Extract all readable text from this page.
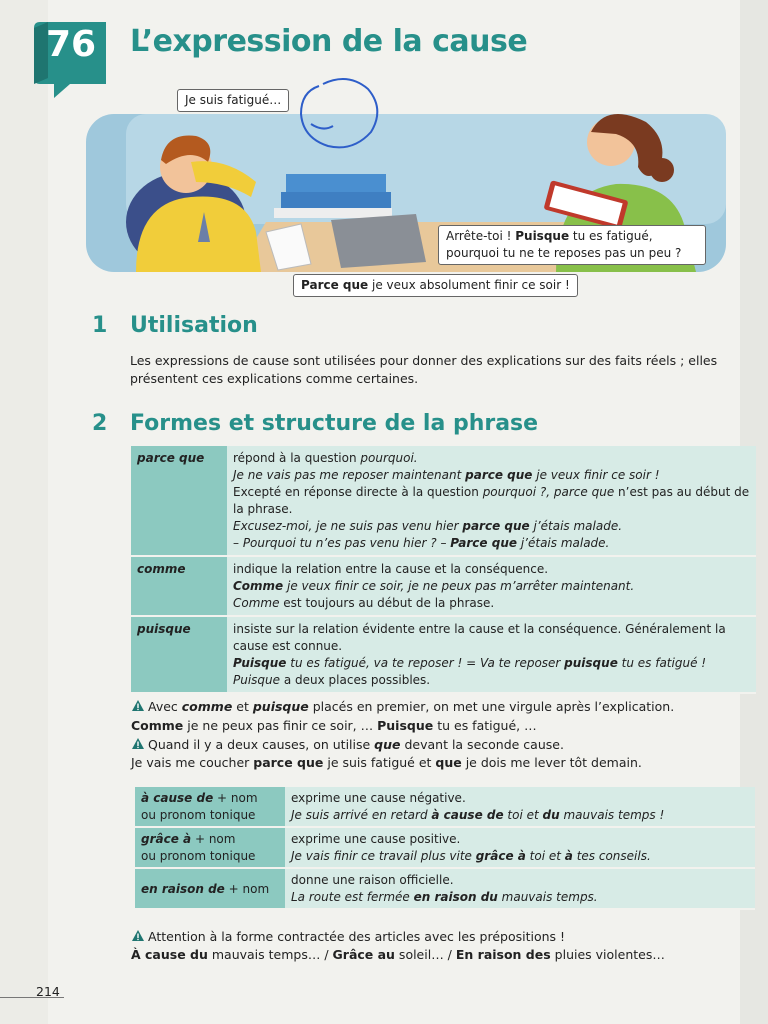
76 L’expression de la cause
Je suis fatigué…
Arrête-toi ! Puisque tu es fatigué, pourquoi tu ne te reposes pas un peu ?
Parce que je veux absolument finir ce soir !
1 Utilisation
Les expressions de cause sont utilisées pour donner des explications sur des faits réels ; elles présentent ces explications comme certaines.
2 Formes et structure de la phrase
parce que	répond à la question pourquoi.
Je ne vais pas me reposer maintenant parce que je veux finir ce soir !
Excepté en réponse directe à la question pourquoi ?, parce que n’est pas au début de la phrase.
Excusez-moi, je ne suis pas venu hier parce que j’étais malade.
– Pourquoi tu n’es pas venu hier ? – Parce que j’étais malade.

comme	indique la relation entre la cause et la conséquence.
Comme je veux finir ce soir, je ne peux pas m’arrêter maintenant.
Comme est toujours au début de la phrase.

puisque	insiste sur la relation évidente entre la cause et la conséquence. Généralement la cause est connue.
Puisque tu es fatigué, va te reposer ! = Va te reposer puisque tu es fatigué !
Puisque a deux places possibles.
Avec comme et puisque placés en premier, on met une virgule après l’explication.
Comme je ne peux pas finir ce soir, … Puisque tu es fatigué, …
Quand il y a deux causes, on utilise que devant la seconde cause.
Je vais me coucher parce que je suis fatigué et que je dois me lever tôt demain.
à cause de + nom
ou pronom tonique	exprime une cause négative.
Je suis arrivé en retard à cause de toi et du mauvais temps !

grâce à + nom
ou pronom tonique	exprime une cause positive.
Je vais finir ce travail plus vite grâce à toi et à tes conseils.

en raison de + nom	donne une raison officielle.
La route est fermée en raison du mauvais temps.
Attention à la forme contractée des articles avec les prépositions !
À cause du mauvais temps… / Grâce au soleil… / En raison des pluies violentes…
214
